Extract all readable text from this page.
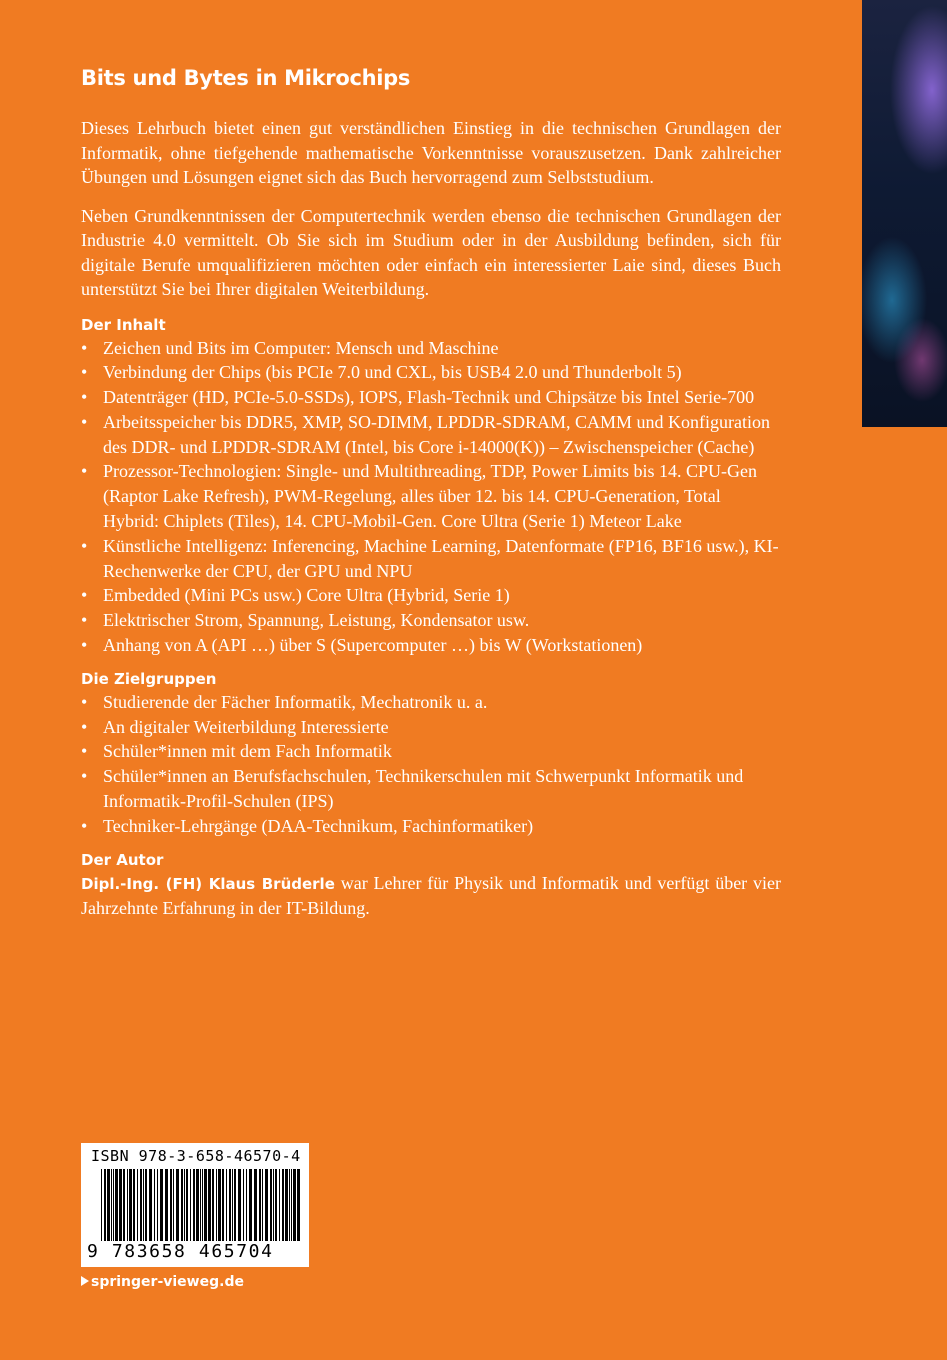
Bits und Bytes in Mikrochips

Dieses Lehrbuch bietet einen gut verständlichen Einstieg in die technischen Grundlagen der Informatik, ohne tiefgehende mathematische Vorkenntnisse vorauszusetzen. Dank zahlreicher Übungen und Lösungen eignet sich das Buch hervorragend zum Selbststudium.

Neben Grundkenntnissen der Computertechnik werden ebenso die technischen Grundlagen der Industrie 4.0 vermittelt. Ob Sie sich im Studium oder in der Ausbildung befinden, sich für digitale Berufe umqualifizieren möchten oder einfach ein interessierter Laie sind, dieses Buch unterstützt Sie bei Ihrer digitalen Weiterbildung.

Der Inhalt
• Zeichen und Bits im Computer: Mensch und Maschine
• Verbindung der Chips (bis PCIe 7.0 und CXL, bis USB4 2.0 und Thunderbolt 5)
• Datenträger (HD, PCIe-5.0-SSDs), IOPS, Flash-Technik und Chipsätze bis Intel Serie-700
• Arbeitsspeicher bis DDR5, XMP, SO-DIMM, LPDDR-SDRAM, CAMM und Konfiguration des DDR- und LPDDR-SDRAM (Intel, bis Core i-14000(K)) – Zwischenspeicher (Cache)
• Prozessor-Technologien: Single- und Multithreading, TDP, Power Limits bis 14. CPU-Gen (Raptor Lake Refresh), PWM-Regelung, alles über 12. bis 14. CPU-Generation, Total Hybrid: Chiplets (Tiles), 14. CPU-Mobil-Gen. Core Ultra (Serie 1) Meteor Lake
• Künstliche Intelligenz: Inferencing, Machine Learning, Datenformate (FP16, BF16 usw.), KI-Rechenwerke der CPU, der GPU und NPU
• Embedded (Mini PCs usw.) Core Ultra (Hybrid, Serie 1)
• Elektrischer Strom, Spannung, Leistung, Kondensator usw.
• Anhang von A (API …) über S (Supercomputer …) bis W (Workstationen)
Die Zielgruppen
• Studierende der Fächer Informatik, Mechatronik u. a.
• An digitaler Weiterbildung Interessierte
• Schüler*innen mit dem Fach Informatik
• Schüler*innen an Berufsfachschulen, Technikerschulen mit Schwerpunkt Informatik und Informatik-Profil-Schulen (IPS)
• Techniker-Lehrgänge (DAA-Technikum, Fachinformatiker)
Der Autor

Dipl.-Ing. (FH) Klaus Brüderle war Lehrer für Physik und Informatik und verfügt über vier Jahrzehnte Erfahrung in der IT-Bildung.

ISBN 978-3-658-46570-4
9 783658 465704
springer-vieweg.de
